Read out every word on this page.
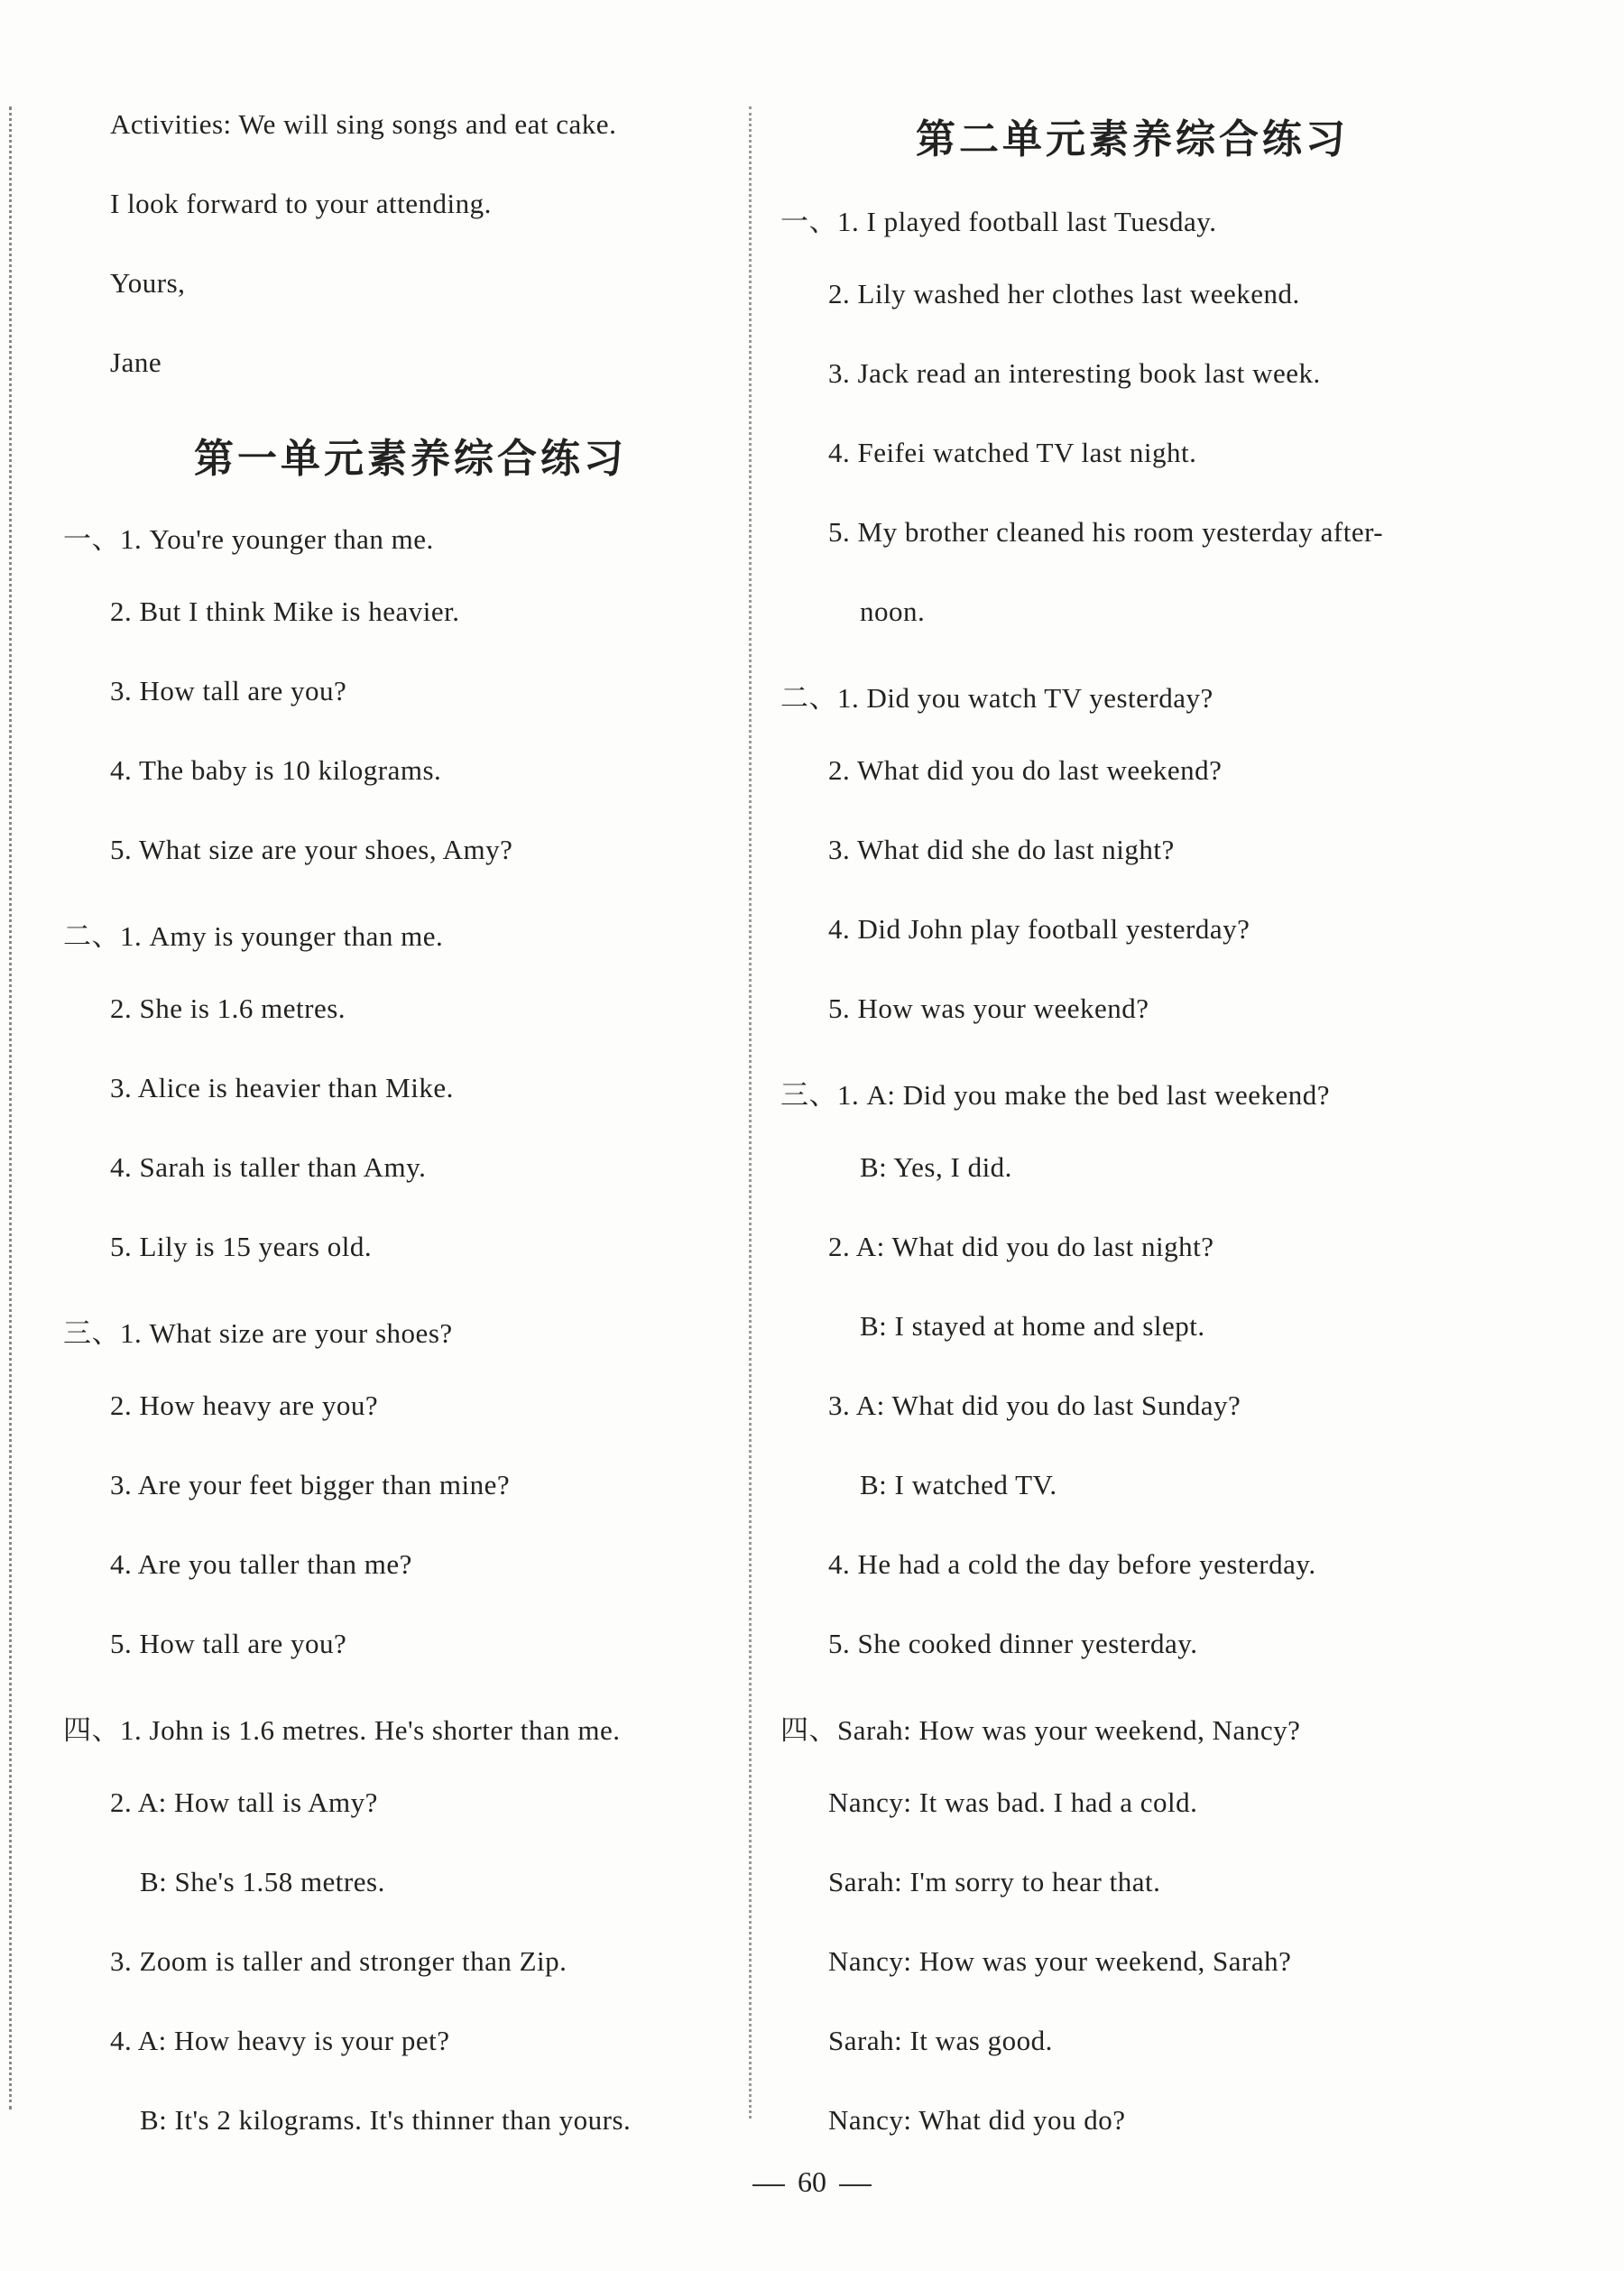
Activities: We will sing songs and eat cake.
I look forward to your attending.
Yours,
Jane
第一单元素养综合练习
一、1. You're younger than me.
2. But I think Mike is heavier.
3. How tall are you?
4. The baby is 10 kilograms.
5. What size are your shoes, Amy?
二、1. Amy is younger than me.
2. She is 1.6 metres.
3. Alice is heavier than Mike.
4. Sarah is taller than Amy.
5. Lily is 15 years old.
三、1. What size are your shoes?
2. How heavy are you?
3. Are your feet bigger than mine?
4. Are you taller than me?
5. How tall are you?
四、1. John is 1.6 metres. He's shorter than me.
2. A: How tall is Amy?
B: She's 1.58 metres.
3. Zoom is taller and stronger than Zip.
4. A: How heavy is your pet?
B: It's 2 kilograms. It's thinner than yours.
第二单元素养综合练习
一、1. I played football last Tuesday.
2. Lily washed her clothes last weekend.
3. Jack read an interesting book last week.
4. Feifei watched TV last night.
5. My brother cleaned his room yesterday after-
noon.
二、1. Did you watch TV yesterday?
2. What did you do last weekend?
3. What did she do last night?
4. Did John play football yesterday?
5. How was your weekend?
三、1. A: Did you make the bed last weekend?
B: Yes, I did.
2. A: What did you do last night?
B: I stayed at home and slept.
3. A: What did you do last Sunday?
B: I watched TV.
4. He had a cold the day before yesterday.
5. She cooked dinner yesterday.
四、Sarah: How was your weekend, Nancy?
Nancy: It was bad. I had a cold.
Sarah: I'm sorry to hear that.
Nancy: How was your weekend, Sarah?
Sarah: It was good.
Nancy: What did you do?
60
